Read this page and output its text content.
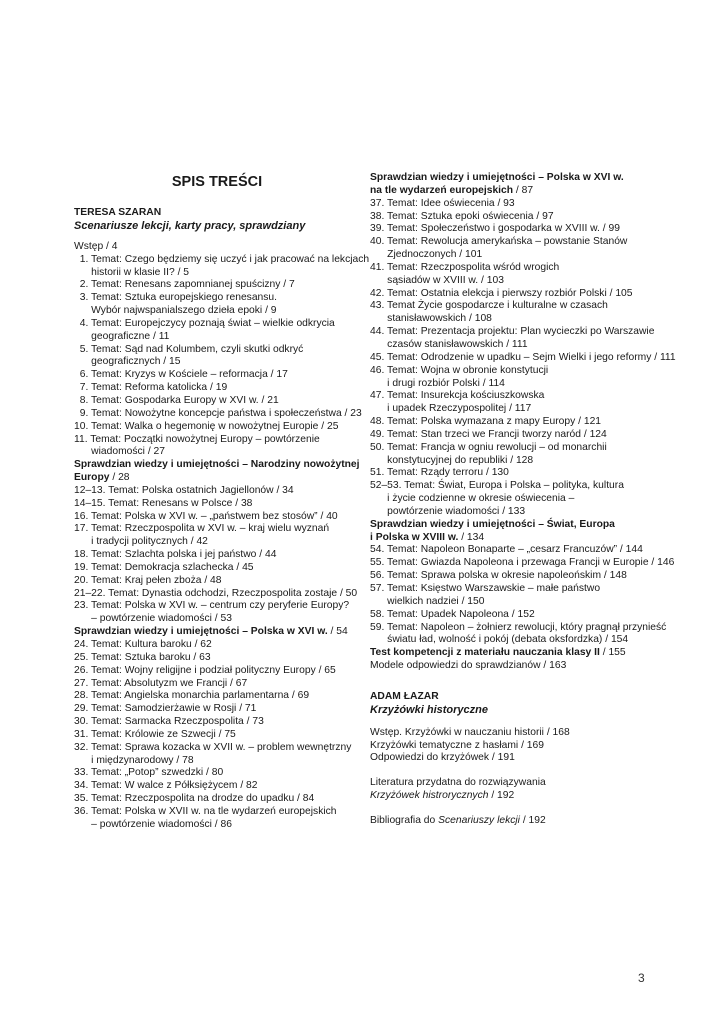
SPIS TREŚCI
TERESA SZARAN
Scenariusze lekcji, karty pracy, sprawdziany
Wstęp / 4
1. Temat: Czego będziemy się uczyć i jak pracować na lekcjach
historii w klasie II? / 5
2. Temat: Renesans zapomnianej spuścizny / 7
3. Temat: Sztuka europejskiego renesansu.
Wybór najwspanialszego dzieła epoki / 9
4. Temat: Europejczycy poznają świat – wielkie odkrycia
geograficzne / 11
5. Temat: Sąd nad Kolumbem, czyli skutki odkryć
geograficznych / 15
6. Temat: Kryzys w Kościele – reformacja / 17
7. Temat: Reforma katolicka / 19
8. Temat: Gospodarka Europy w XVI w. / 21
9. Temat: Nowożytne koncepcje państwa i społeczeństwa / 23
10. Temat: Walka o hegemonię w nowożytnej Europie / 25
11. Temat: Początki nowożytnej Europy – powtórzenie
wiadomości / 27
Sprawdzian wiedzy i umiejętności – Narodziny nowożytnej
Europy / 28
12–13. Temat: Polska ostatnich Jagiellonów / 34
14–15. Temat: Renesans w Polsce / 38
16. Temat: Polska w XVI w. – „państwem bez stosów” / 40
17. Temat: Rzeczpospolita w XVI w. – kraj wielu wyznań
i tradycji politycznych / 42
18. Temat: Szlachta polska i jej państwo / 44
19. Temat: Demokracja szlachecka / 45
20. Temat: Kraj pełen zboża / 48
21–22. Temat: Dynastia odchodzi, Rzeczpospolita zostaje / 50
23. Temat: Polska w XVI w. – centrum czy peryferie Europy?
– powtórzenie wiadomości / 53
Sprawdzian wiedzy i umiejętności – Polska w XVI w. / 54
24. Temat: Kultura baroku / 62
25. Temat: Sztuka baroku / 63
26. Temat: Wojny religijne i podział polityczny Europy / 65
27. Temat: Absolutyzm we Francji / 67
28. Temat: Angielska monarchia parlamentarna / 69
29. Temat: Samodzierżawie w Rosji / 71
30. Temat: Sarmacka Rzeczpospolita / 73
31. Temat: Królowie ze Szwecji / 75
32. Temat: Sprawa kozacka w XVII w. – problem wewnętrzny
i międzynarodowy / 78
33. Temat: „Potop” szwedzki / 80
34. Temat: W walce z Półksiężycem / 82
35. Temat: Rzeczpospolita na drodze do upadku / 84
36. Temat: Polska w XVII w. na tle wydarzeń europejskich
– powtórzenie wiadomości / 86
Sprawdzian wiedzy i umiejętności – Polska w XVI w.
na tle wydarzeń europejskich / 87
37. Temat: Idee oświecenia / 93
38. Temat: Sztuka epoki oświecenia / 97
39. Temat: Społeczeństwo i gospodarka w XVIII w. / 99
40. Temat: Rewolucja amerykańska – powstanie Stanów
Zjednoczonych / 101
41. Temat: Rzeczpospolita wśród wrogich
sąsiadów w XVIII w. / 103
42. Temat: Ostatnia elekcja i pierwszy rozbiór Polski / 105
43. Temat Życie gospodarcze i kulturalne w czasach
stanisławowskich / 108
44. Temat: Prezentacja projektu: Plan wycieczki po Warszawie
czasów stanisławowskich / 111
45. Temat: Odrodzenie w upadku – Sejm Wielki i jego reformy / 111
46. Temat: Wojna w obronie konstytucji
i drugi rozbiór Polski / 114
47. Temat: Insurekcja kościuszkowska
i upadek Rzeczypospolitej / 117
48. Temat: Polska wymazana z mapy Europy / 121
49. Temat: Stan trzeci we Francji tworzy naród / 124
50. Temat: Francja w ogniu rewolucji – od monarchii
konstytucyjnej do republiki / 128
51. Temat: Rządy terroru / 130
52–53. Temat: Świat, Europa i Polska – polityka, kultura
i życie codzienne w okresie oświecenia –
powtórzenie wiadomości / 133
Sprawdzian wiedzy i umiejętności – Świat, Europa
i Polska w XVIII w. / 134
54. Temat: Napoleon Bonaparte – „cesarz Francuzów” / 144
55. Temat: Gwiazda Napoleona i przewaga Francji w Europie / 146
56. Temat: Sprawa polska w okresie napoleońskim / 148
57. Temat: Księstwo Warszawskie – małe państwo
wielkich nadziei / 150
58. Temat: Upadek Napoleona / 152
59. Temat: Napoleon – żołnierz rewolucji, który pragnął przynieść
światu ład, wolność i pokój (debata oksfordzka) / 154
Test kompetencji z materiału nauczania klasy II / 155
Modele odpowiedzi do sprawdzianów / 163
ADAM ŁAZAR
Krzyżówki historyczne
Wstęp. Krzyżówki w nauczaniu historii / 168
Krzyżówki tematyczne z hasłami / 169
Odpowiedzi do krzyżówek / 191
Literatura przydatna do rozwiązywania
Krzyżówek histrorycznych / 192
Bibliografia do Scenariuszy lekcji / 192
3
